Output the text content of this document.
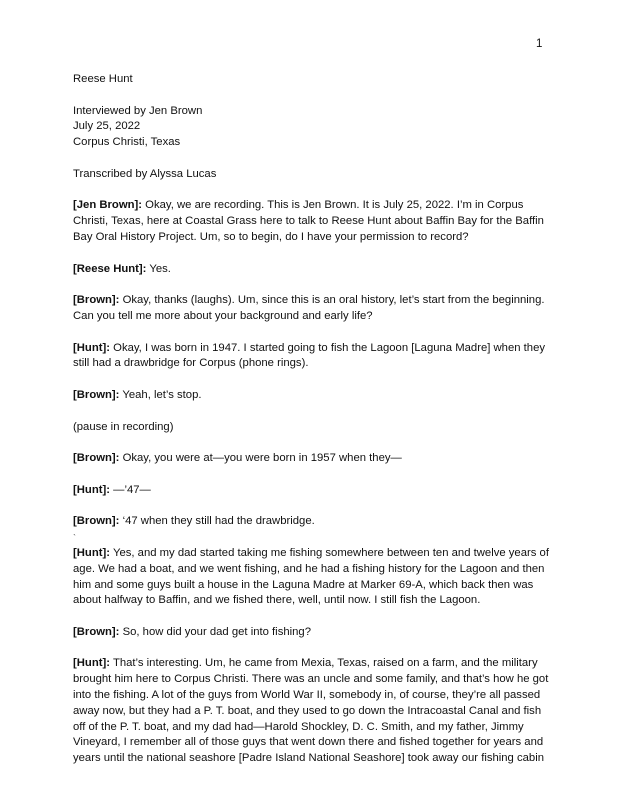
1

Reese Hunt

Interviewed by Jen Brown

July 25, 2022

Corpus Christi, Texas

Transcribed by Alyssa Lucas

[Jen Brown]: Okay, we are recording. This is Jen Brown. It is July 25, 2022. I’m in Corpus Christi, Texas, here at Coastal Grass here to talk to Reese Hunt about Baffin Bay for the Baffin Bay Oral History Project. Um, so to begin, do I have your permission to record?

[Reese Hunt]: Yes.

[Brown]: Okay, thanks (laughs). Um, since this is an oral history, let’s start from the beginning. Can you tell me more about your background and early life?

[Hunt]: Okay, I was born in 1947. I started going to fish the Lagoon [Laguna Madre] when they still had a drawbridge for Corpus (phone rings).

[Brown]: Yeah, let’s stop.

(pause in recording)

[Brown]: Okay, you were at—you were born in 1957 when they—

[Hunt]: —’47—

[Brown]: ‘47 when they still had the drawbridge.

[Hunt]: Yes, and my dad started taking me fishing somewhere between ten and twelve years of age. We had a boat, and we went fishing, and he had a fishing history for the Lagoon and then him and some guys built a house in the Laguna Madre at Marker 69-A, which back then was about halfway to Baffin, and we fished there, well, until now. I still fish the Lagoon.

[Brown]: So, how did your dad get into fishing?

[Hunt]: That’s interesting. Um, he came from Mexia, Texas, raised on a farm, and the military brought him here to Corpus Christi. There was an uncle and some family, and that’s how he got into the fishing. A lot of the guys from World War II, somebody in, of course, they’re all passed away now, but they had a P. T. boat, and they used to go down the Intracoastal Canal and fish off of the P. T. boat, and my dad had—Harold Shockley, D. C. Smith, and my father, Jimmy Vineyard, I remember all of those guys that went down there and fished together for years and years until the national seashore [Padre Island National Seashore] took away our fishing cabin

`
